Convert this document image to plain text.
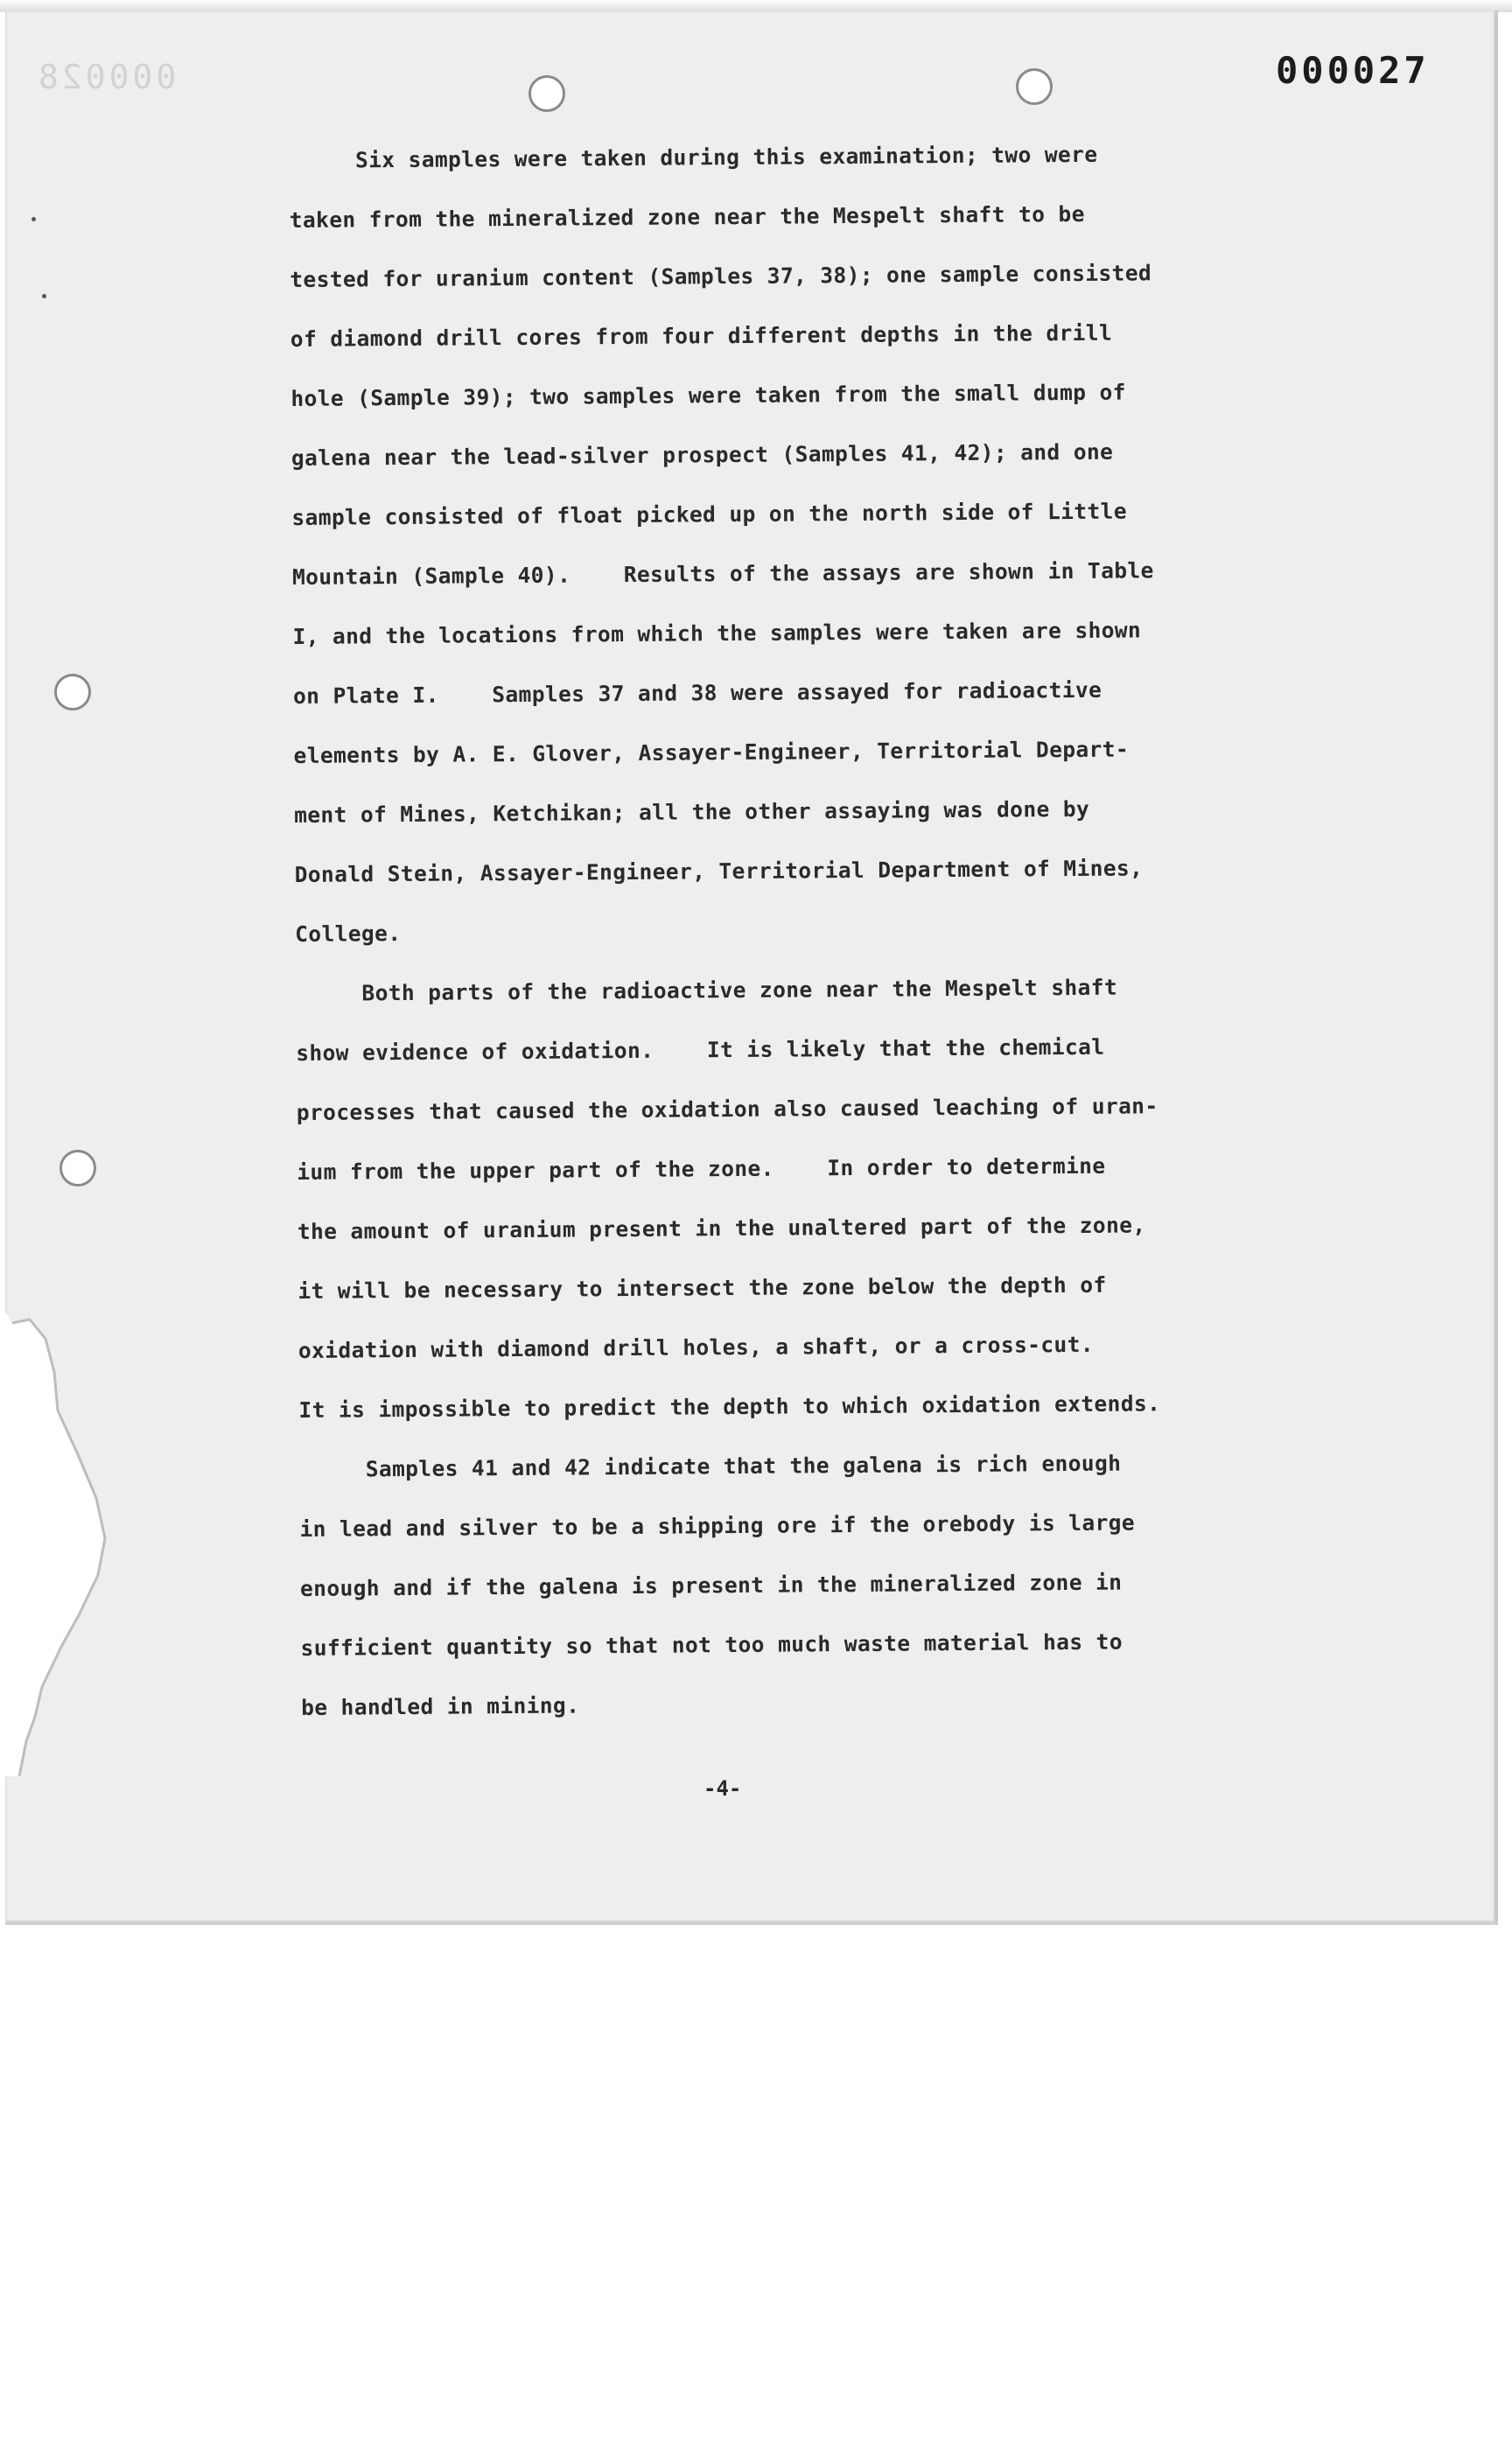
000028	000027
Six samples were taken during this examination; two were
taken from the mineralized zone near the Mespelt shaft to be
tested for uranium content (Samples 37, 38); one sample consisted
of diamond drill cores from four different depths in the drill
hole (Sample 39); two samples were taken from the small dump of
galena near the lead-silver prospect (Samples 41, 42); and one
sample consisted of float picked up on the north side of Little
Mountain (Sample 40).    Results of the assays are shown in Table
I, and the locations from which the samples were taken are shown
on Plate I.    Samples 37 and 38 were assayed for radioactive
elements by A. E. Glover, Assayer-Engineer, Territorial Depart-
ment of Mines, Ketchikan; all the other assaying was done by
Donald Stein, Assayer-Engineer, Territorial Department of Mines,
College.
Both parts of the radioactive zone near the Mespelt shaft
show evidence of oxidation.    It is likely that the chemical
processes that caused the oxidation also caused leaching of uran-
ium from the upper part of the zone.    In order to determine
the amount of uranium present in the unaltered part of the zone,
it will be necessary to intersect the zone below the depth of
oxidation with diamond drill holes, a shaft, or a cross-cut.
It is impossible to predict the depth to which oxidation extends.
Samples 41 and 42 indicate that the galena is rich enough
in lead and silver to be a shipping ore if the orebody is large
enough and if the galena is present in the mineralized zone in
sufficient quantity so that not too much waste material has to
be handled in mining.
-4-
